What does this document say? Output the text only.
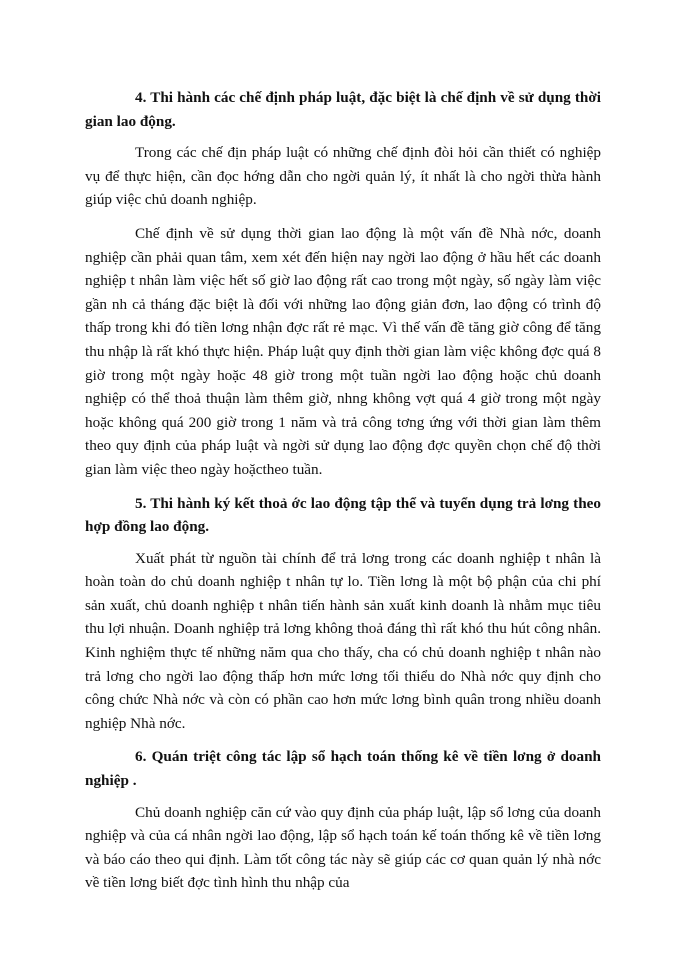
4. Thi hành các chế định pháp luật, đặc biệt là chế định về sử dụng thời gian lao động.

Trong các chế địn pháp luật có những chế định đòi hỏi cần thiết có nghiệp vụ để thực hiện, cần đọc hớng dẫn cho ngời quản lý, ít nhất là cho ngời thừa hành giúp việc chủ doanh nghiệp.

Chế định về sử dụng thời gian lao động là một vấn đề Nhà nớc, doanh nghiệp cần phải quan tâm, xem xét đến hiện nay ngời lao động ở hầu hết các doanh nghiệp t nhân làm việc hết số giờ lao động rất cao trong một ngày, số ngày làm việc gần nh cả tháng đặc biệt là đối với những lao động giản đơn, lao động có trình độ thấp trong khi đó tiền lơng nhận đợc rất rẻ mạc. Vì thế vấn đề tăng giờ công để tăng thu nhập là rất khó thực hiện. Pháp luật quy định thời gian làm việc không đợc quá 8 giờ trong một ngày hoặc 48 giờ trong một tuần ngời lao động hoặc chủ doanh nghiệp có thể thoả thuận làm thêm giờ, nhng không vợt quá 4 giờ trong một ngày hoặc không quá 200 giờ trong 1 năm và trả công tơng ứng với thời gian làm thêm theo quy định của pháp luật và ngời sử dụng lao động đợc quyền chọn chế độ thời gian làm việc theo ngày hoặctheo tuần.

5. Thi hành ký kết thoả ớc lao động tập thể và tuyển dụng trả lơng theo hợp đồng lao động.

Xuất phát từ nguồn tài chính để trả lơng trong các doanh nghiệp t nhân là hoàn toàn do chủ doanh nghiệp t nhân tự lo. Tiền lơng là một bộ phận của chi phí sản xuất, chủ doanh nghiệp t nhân tiến hành sản xuất kinh doanh là nhằm mục tiêu thu lợi nhuận. Doanh nghiệp trả lơng không thoả đáng thì rất khó thu hút công nhân. Kinh nghiệm thực tế những năm qua cho thấy, cha có chủ doanh nghiệp t nhân nào trả lơng cho ngời lao động thấp hơn mức lơng tối thiểu do Nhà nớc quy định cho công chức Nhà nớc và còn có phần cao hơn mức lơng bình quân trong nhiều doanh nghiệp Nhà nớc.

6. Quán triệt công tác lập sổ hạch toán thống kê về tiền lơng ở doanh nghiệp .

Chủ doanh nghiệp căn cứ vào quy định của pháp luật, lập sổ lơng của doanh nghiệp và của cá nhân ngời lao động, lập sổ hạch toán kế toán thống kê về tiền lơng và báo cáo theo qui định. Làm tốt công tác này sẽ giúp các cơ quan quản lý nhà nớc về tiền lơng biết đợc tình hình thu nhập của
